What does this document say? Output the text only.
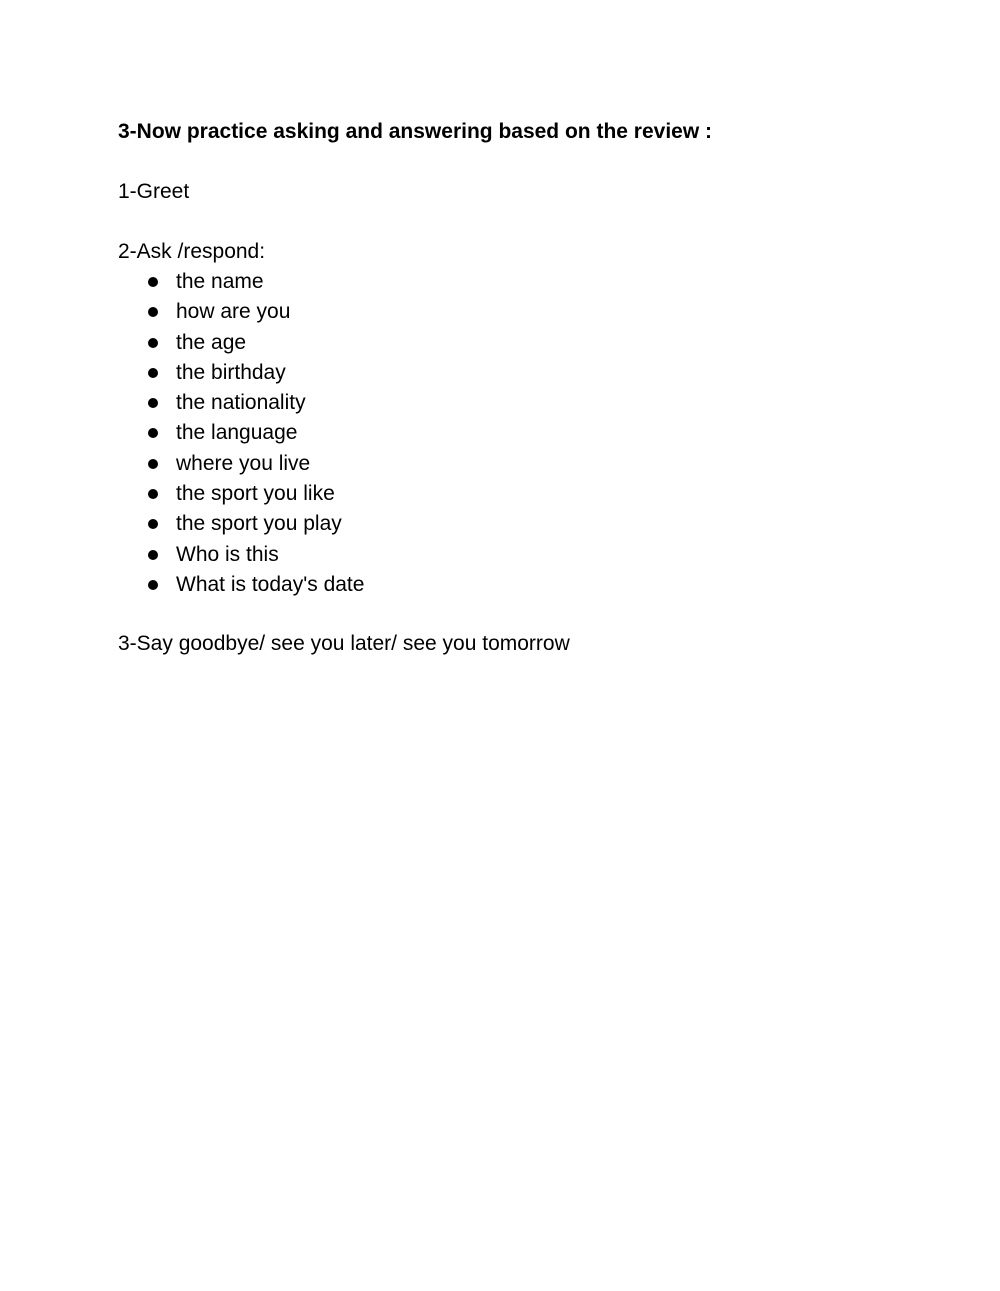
3-Now practice asking and answering based on the review :

1-Greet

2-Ask /respond:

the name
how are you
the age
the birthday
the nationality
the language
where you live
the sport you like
the sport you play
Who is this
What is today's date

3-Say goodbye/ see you later/ see you tomorrow
